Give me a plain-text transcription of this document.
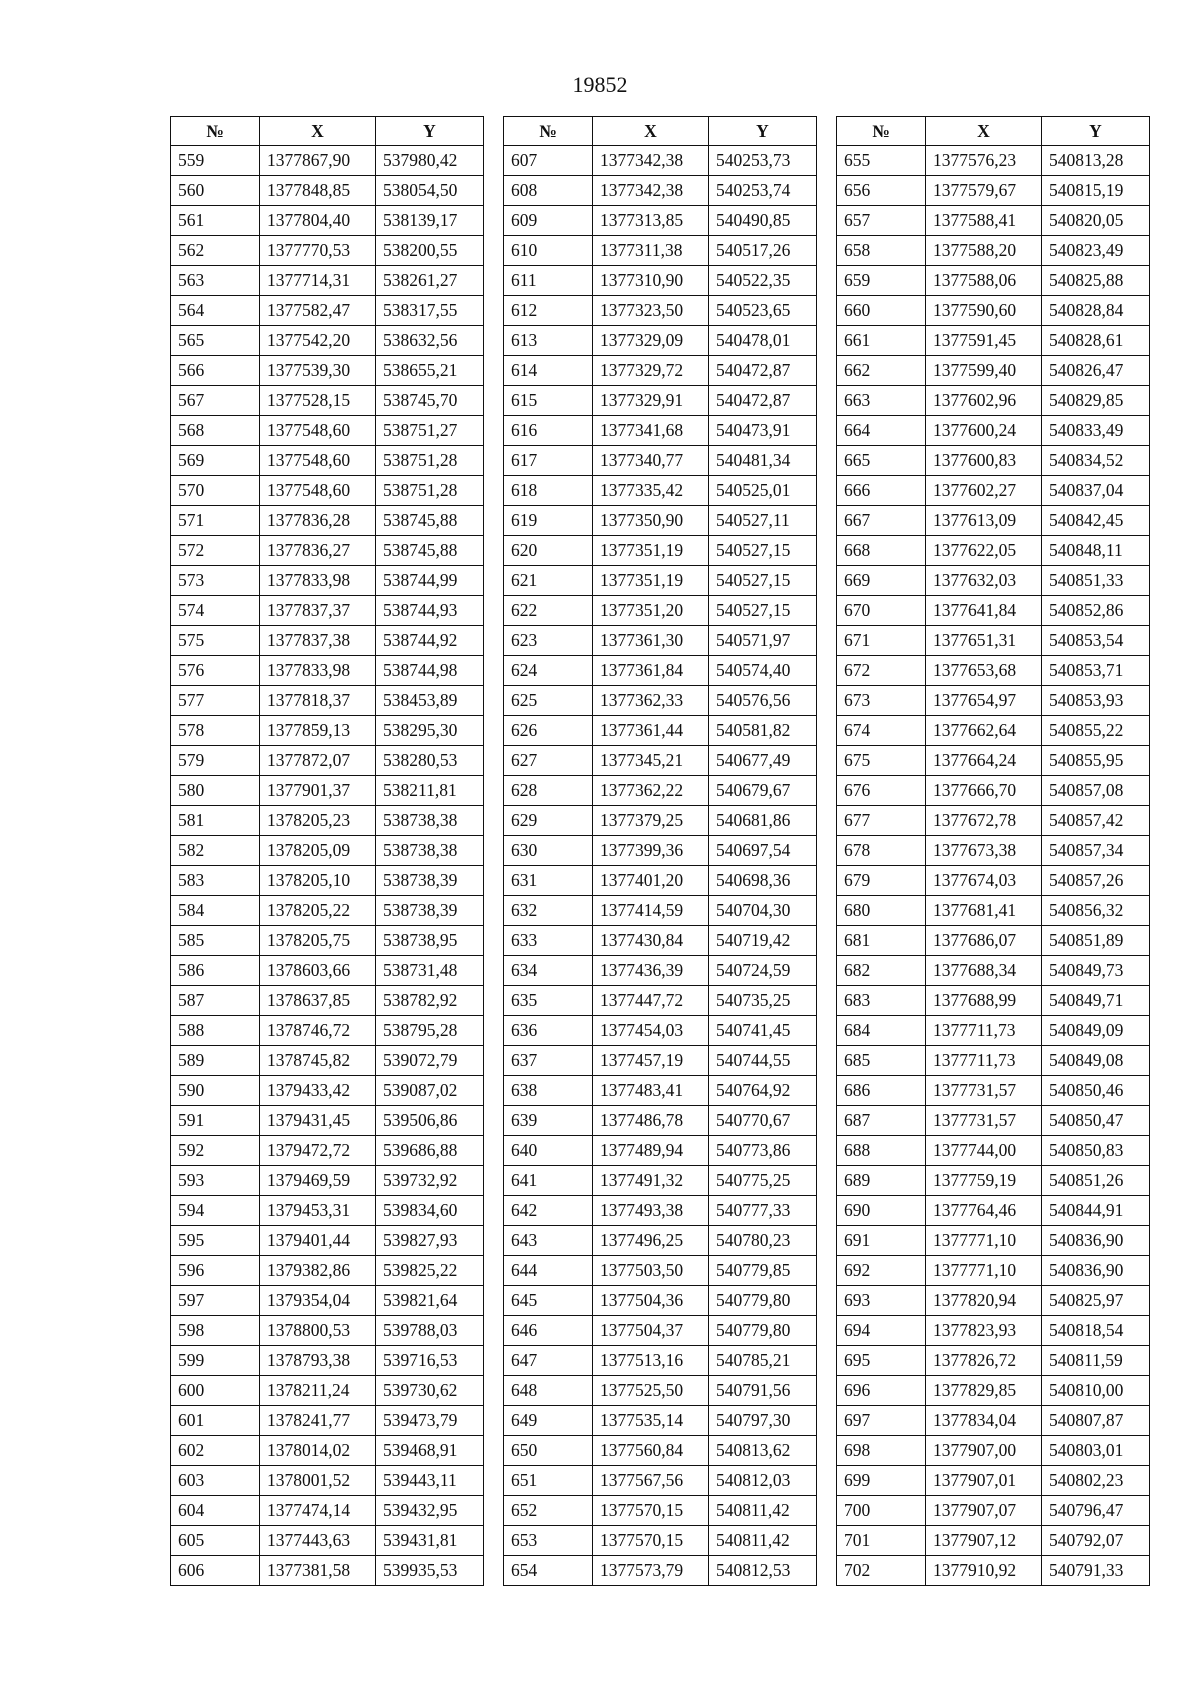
19852
№	X	Y
559	1377867,90	537980,42
560	1377848,85	538054,50
561	1377804,40	538139,17
562	1377770,53	538200,55
563	1377714,31	538261,27
564	1377582,47	538317,55
565	1377542,20	538632,56
566	1377539,30	538655,21
567	1377528,15	538745,70
568	1377548,60	538751,27
569	1377548,60	538751,28
570	1377548,60	538751,28
571	1377836,28	538745,88
572	1377836,27	538745,88
573	1377833,98	538744,99
574	1377837,37	538744,93
575	1377837,38	538744,92
576	1377833,98	538744,98
577	1377818,37	538453,89
578	1377859,13	538295,30
579	1377872,07	538280,53
580	1377901,37	538211,81
581	1378205,23	538738,38
582	1378205,09	538738,38
583	1378205,10	538738,39
584	1378205,22	538738,39
585	1378205,75	538738,95
586	1378603,66	538731,48
587	1378637,85	538782,92
588	1378746,72	538795,28
589	1378745,82	539072,79
590	1379433,42	539087,02
591	1379431,45	539506,86
592	1379472,72	539686,88
593	1379469,59	539732,92
594	1379453,31	539834,60
595	1379401,44	539827,93
596	1379382,86	539825,22
597	1379354,04	539821,64
598	1378800,53	539788,03
599	1378793,38	539716,53
600	1378211,24	539730,62
601	1378241,77	539473,79
602	1378014,02	539468,91
603	1378001,52	539443,11
604	1377474,14	539432,95
605	1377443,63	539431,81
606	1377381,58	539935,53
№	X	Y
607	1377342,38	540253,73
608	1377342,38	540253,74
609	1377313,85	540490,85
610	1377311,38	540517,26
611	1377310,90	540522,35
612	1377323,50	540523,65
613	1377329,09	540478,01
614	1377329,72	540472,87
615	1377329,91	540472,87
616	1377341,68	540473,91
617	1377340,77	540481,34
618	1377335,42	540525,01
619	1377350,90	540527,11
620	1377351,19	540527,15
621	1377351,19	540527,15
622	1377351,20	540527,15
623	1377361,30	540571,97
624	1377361,84	540574,40
625	1377362,33	540576,56
626	1377361,44	540581,82
627	1377345,21	540677,49
628	1377362,22	540679,67
629	1377379,25	540681,86
630	1377399,36	540697,54
631	1377401,20	540698,36
632	1377414,59	540704,30
633	1377430,84	540719,42
634	1377436,39	540724,59
635	1377447,72	540735,25
636	1377454,03	540741,45
637	1377457,19	540744,55
638	1377483,41	540764,92
639	1377486,78	540770,67
640	1377489,94	540773,86
641	1377491,32	540775,25
642	1377493,38	540777,33
643	1377496,25	540780,23
644	1377503,50	540779,85
645	1377504,36	540779,80
646	1377504,37	540779,80
647	1377513,16	540785,21
648	1377525,50	540791,56
649	1377535,14	540797,30
650	1377560,84	540813,62
651	1377567,56	540812,03
652	1377570,15	540811,42
653	1377570,15	540811,42
654	1377573,79	540812,53
№	X	Y
655	1377576,23	540813,28
656	1377579,67	540815,19
657	1377588,41	540820,05
658	1377588,20	540823,49
659	1377588,06	540825,88
660	1377590,60	540828,84
661	1377591,45	540828,61
662	1377599,40	540826,47
663	1377602,96	540829,85
664	1377600,24	540833,49
665	1377600,83	540834,52
666	1377602,27	540837,04
667	1377613,09	540842,45
668	1377622,05	540848,11
669	1377632,03	540851,33
670	1377641,84	540852,86
671	1377651,31	540853,54
672	1377653,68	540853,71
673	1377654,97	540853,93
674	1377662,64	540855,22
675	1377664,24	540855,95
676	1377666,70	540857,08
677	1377672,78	540857,42
678	1377673,38	540857,34
679	1377674,03	540857,26
680	1377681,41	540856,32
681	1377686,07	540851,89
682	1377688,34	540849,73
683	1377688,99	540849,71
684	1377711,73	540849,09
685	1377711,73	540849,08
686	1377731,57	540850,46
687	1377731,57	540850,47
688	1377744,00	540850,83
689	1377759,19	540851,26
690	1377764,46	540844,91
691	1377771,10	540836,90
692	1377771,10	540836,90
693	1377820,94	540825,97
694	1377823,93	540818,54
695	1377826,72	540811,59
696	1377829,85	540810,00
697	1377834,04	540807,87
698	1377907,00	540803,01
699	1377907,01	540802,23
700	1377907,07	540796,47
701	1377907,12	540792,07
702	1377910,92	540791,33
